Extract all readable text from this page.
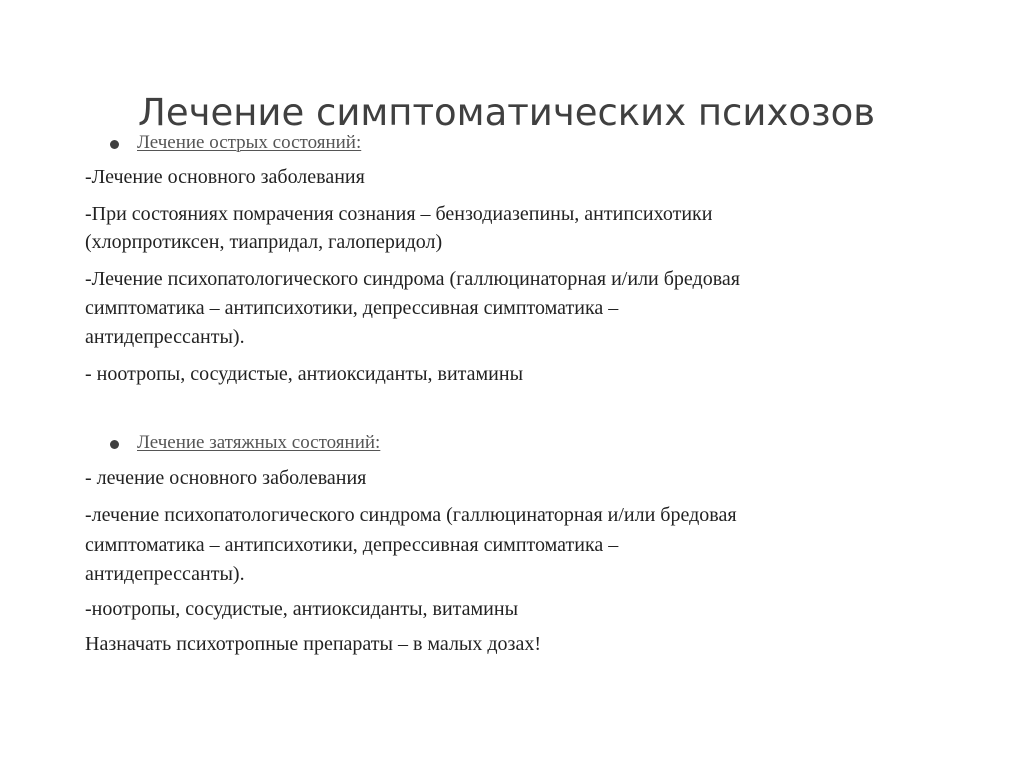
Лечение симптоматических психозов
Лечение острых состояний:
-Лечение основного заболевания
-При состояниях помрачения сознания – бензодиазепины, антипсихотики
(хлорпротиксен, тиапридал, галоперидол)
-Лечение психопатологического синдрома (галлюцинаторная и/или бредовая
симптоматика – антипсихотики, депрессивная симптоматика –
антидепрессанты).
- ноотропы, сосудистые, антиоксиданты, витамины
Лечение затяжных состояний:
- лечение основного заболевания
-лечение психопатологического синдрома (галлюцинаторная и/или бредовая
симптоматика – антипсихотики, депрессивная симптоматика –
антидепрессанты).
-ноотропы, сосудистые, антиоксиданты, витамины
Назначать психотропные препараты – в малых дозах!
